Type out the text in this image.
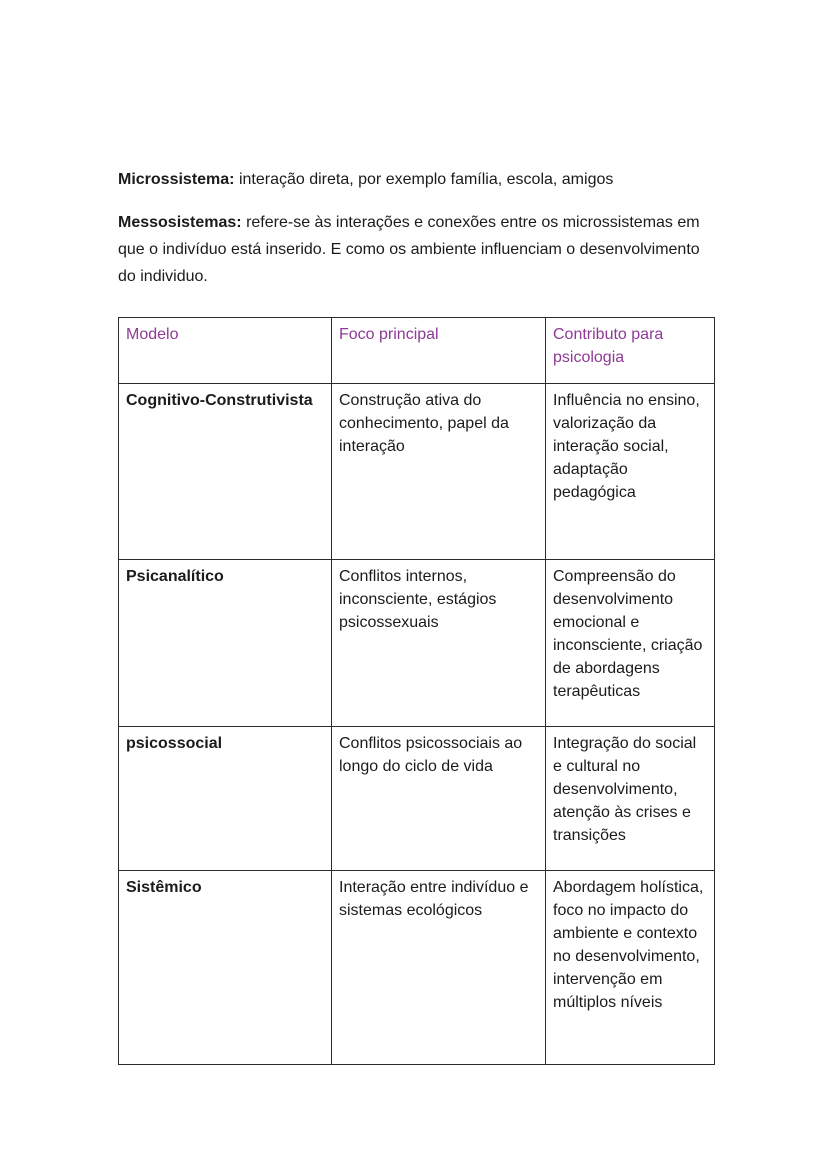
Microssistema: interação direta, por exemplo família, escola, amigos

Messosistemas: refere-se às interações e conexões entre os microssistemas em que o indivíduo está inserido. E como os ambiente influenciam o desenvolvimento do individuo.

Modelo	Foco principal	Contributo para psicologia
Cognitivo-Construtivista	Construção ativa do conhecimento, papel da interação	Influência no ensino, valorização da interação social, adaptação pedagógica
Psicanalítico	Conflitos internos, inconsciente, estágios psicossexuais	Compreensão do desenvolvimento emocional e inconsciente, criação de abordagens terapêuticas
psicossocial	Conflitos psicossociais ao longo do ciclo de vida	Integração do social e cultural no desenvolvimento, atenção às crises e transições
Sistêmico	Interação entre indivíduo e sistemas ecológicos	Abordagem holística, foco no impacto do ambiente e contexto no desenvolvimento, intervenção em múltiplos níveis
